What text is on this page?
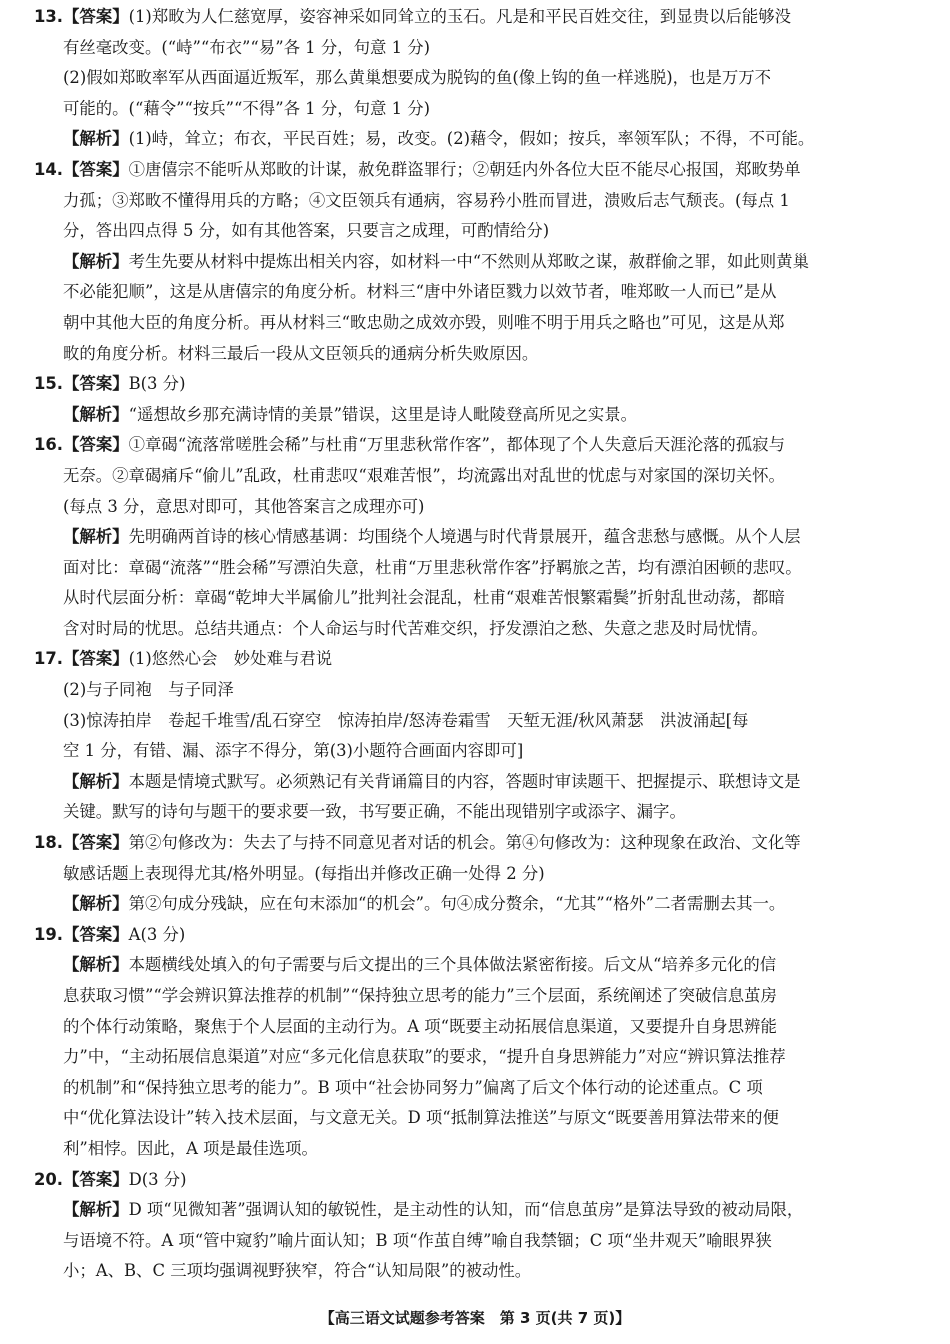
13.【答案】(1)郑畋为人仁慈宽厚，姿容神采如同耸立的玉石。凡是和平民百姓交往，到显贵以后能够没
有丝毫改变。(“峙”“布衣”“易”各 1 分，句意 1 分)
(2)假如郑畋率军从西面逼近叛军，那么黄巢想要成为脱钩的鱼(像上钩的鱼一样逃脱)，也是万万不
可能的。(“藉令”“按兵”“不得”各 1 分，句意 1 分)
【解析】(1)峙，耸立；布衣，平民百姓；易，改变。(2)藉令，假如；按兵，率领军队；不得，不可能。
14.【答案】①唐僖宗不能听从郑畋的计谋，赦免群盗罪行；②朝廷内外各位大臣不能尽心报国，郑畋势单
力孤；③郑畋不懂得用兵的方略；④文臣领兵有通病，容易矜小胜而冒进，溃败后志气颓丧。(每点 1
分，答出四点得 5 分，如有其他答案，只要言之成理，可酌情给分)
【解析】考生先要从材料中提炼出相关内容，如材料一中“不然则从郑畋之谋，赦群偷之罪，如此则黄巢
不必能犯顺”，这是从唐僖宗的角度分析。材料三“唐中外诸臣戮力以效节者，唯郑畋一人而已”是从
朝中其他大臣的角度分析。再从材料三“畋忠勋之成效亦毁，则唯不明于用兵之略也”可见，这是从郑
畋的角度分析。材料三最后一段从文臣领兵的通病分析失败原因。
15.【答案】B(3 分)
【解析】“遥想故乡那充满诗情的美景”错误，这里是诗人毗陵登高所见之实景。
16.【答案】①章碣“流落常嗟胜会稀”与杜甫“万里悲秋常作客”，都体现了个人失意后天涯沦落的孤寂与
无奈。②章碣痛斥“偷儿”乱政，杜甫悲叹“艰难苦恨”，均流露出对乱世的忧虑与对家国的深切关怀。
(每点 3 分，意思对即可，其他答案言之成理亦可)
【解析】先明确两首诗的核心情感基调：均围绕个人境遇与时代背景展开，蕴含悲愁与感慨。从个人层
面对比：章碣“流落”“胜会稀”写漂泊失意，杜甫“万里悲秋常作客”抒羁旅之苦，均有漂泊困顿的悲叹。
从时代层面分析：章碣“乾坤大半属偷儿”批判社会混乱，杜甫“艰难苦恨繁霜鬓”折射乱世动荡，都暗
含对时局的忧思。总结共通点：个人命运与时代苦难交织，抒发漂泊之愁、失意之悲及时局忧情。
17.【答案】(1)悠然心会　妙处难与君说
(2)与子同袍　与子同泽
(3)惊涛拍岸　卷起千堆雪/乱石穿空　惊涛拍岸/怒涛卷霜雪　天堑无涯/秋风萧瑟　洪波涌起[每
空 1 分，有错、漏、添字不得分，第(3)小题符合画面内容即可]
【解析】本题是情境式默写。必须熟记有关背诵篇目的内容，答题时审读题干、把握提示、联想诗文是
关键。默写的诗句与题干的要求要一致，书写要正确，不能出现错别字或添字、漏字。
18.【答案】第②句修改为：失去了与持不同意见者对话的机会。第④句修改为：这种现象在政治、文化等
敏感话题上表现得尤其/格外明显。(每指出并修改正确一处得 2 分)
【解析】第②句成分残缺，应在句末添加“的机会”。句④成分赘余，“尤其”“格外”二者需删去其一。
19.【答案】A(3 分)
【解析】本题横线处填入的句子需要与后文提出的三个具体做法紧密衔接。后文从“培养多元化的信
息获取习惯”“学会辨识算法推荐的机制”“保持独立思考的能力”三个层面，系统阐述了突破信息茧房
的个体行动策略，聚焦于个人层面的主动行为。A 项“既要主动拓展信息渠道，又要提升自身思辨能
力”中，“主动拓展信息渠道”对应“多元化信息获取”的要求，“提升自身思辨能力”对应“辨识算法推荐
的机制”和“保持独立思考的能力”。B 项中“社会协同努力”偏离了后文个体行动的论述重点。C 项
中“优化算法设计”转入技术层面，与文意无关。D 项“抵制算法推送”与原文“既要善用算法带来的便
利”相悖。因此，A 项是最佳选项。
20.【答案】D(3 分)
【解析】D 项“见微知著”强调认知的敏锐性，是主动性的认知，而“信息茧房”是算法导致的被动局限，
与语境不符。A 项“管中窥豹”喻片面认知；B 项“作茧自缚”喻自我禁锢；C 项“坐井观天”喻眼界狭
小；A、B、C 三项均强调视野狭窄，符合“认知局限”的被动性。
【高三语文试题参考答案　第 3 页(共 7 页)】
